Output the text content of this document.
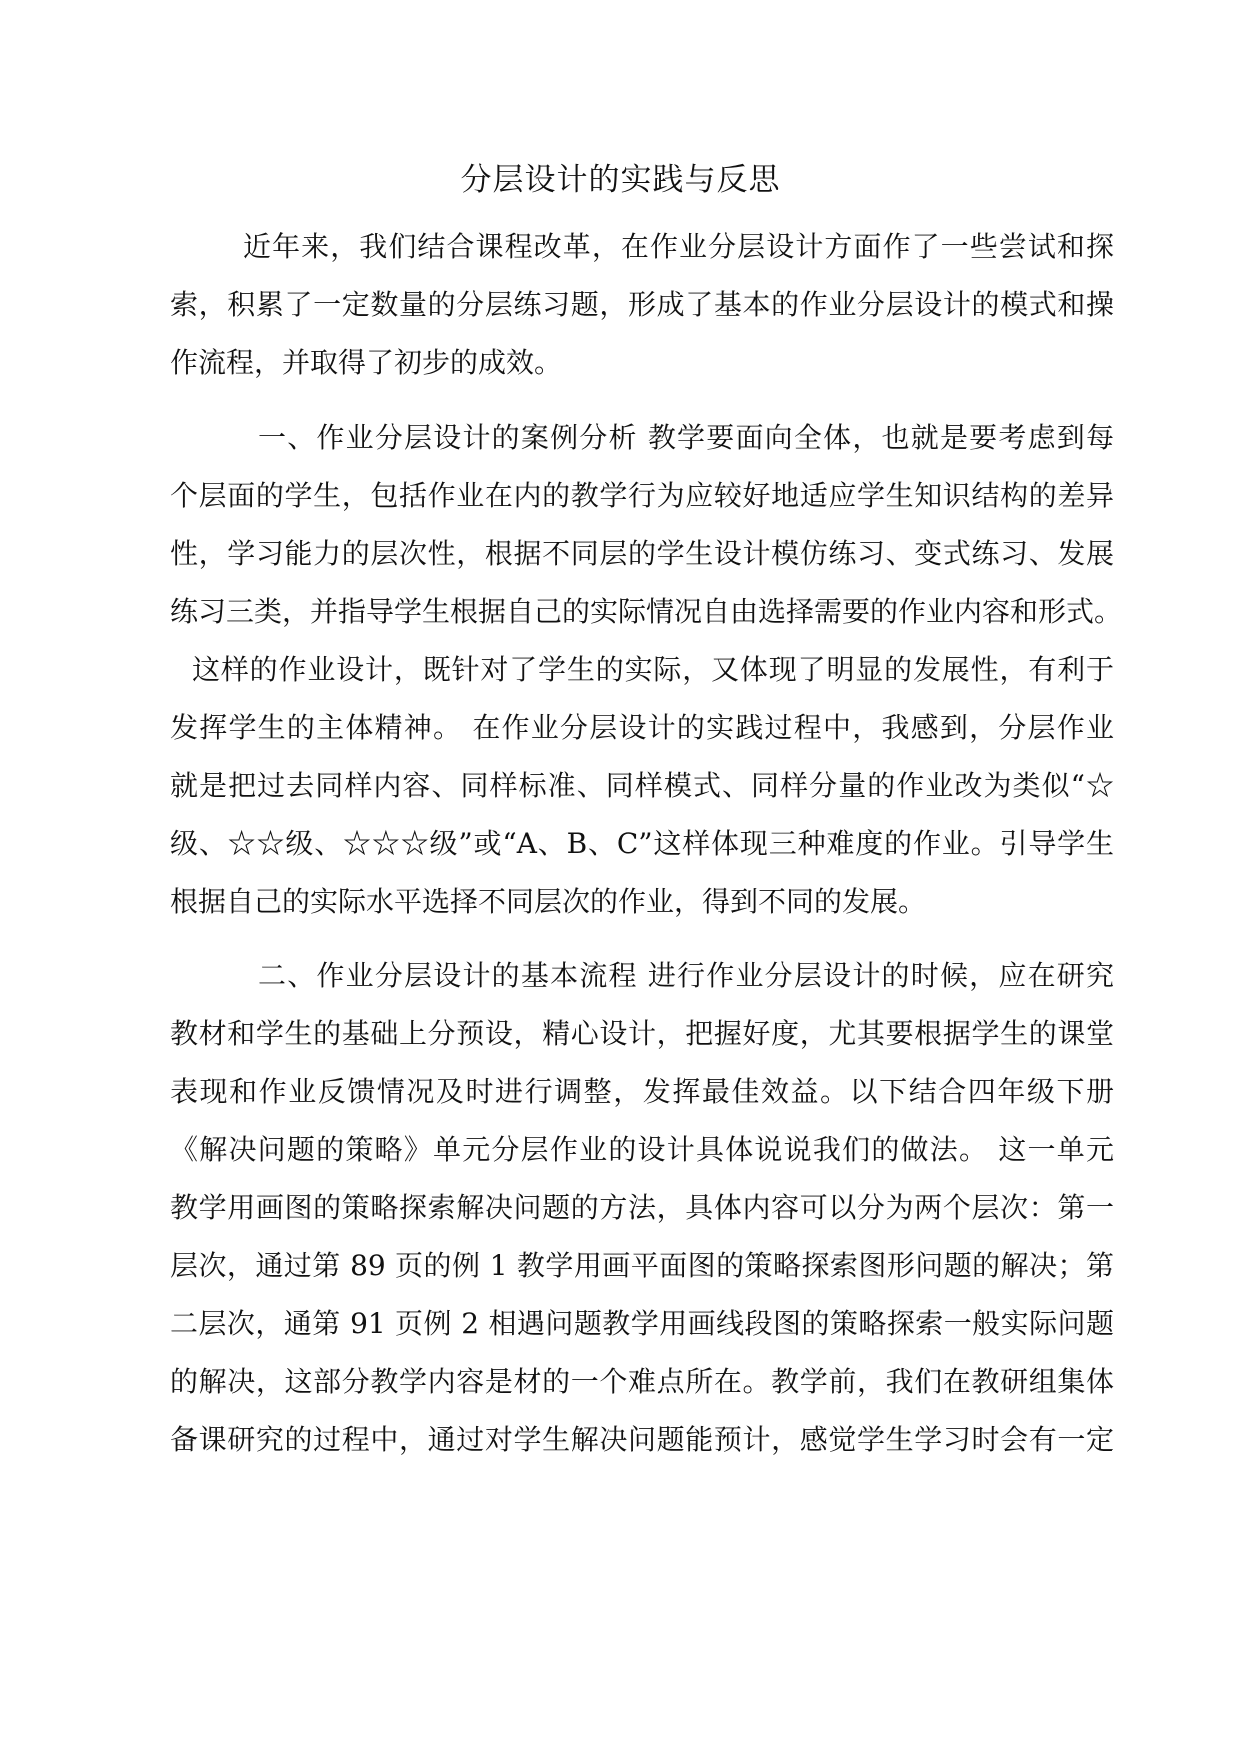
分层设计的实践与反思
近年来，我们结合课程改革，在作业分层设计方面作了一些尝试和探
索，积累了一定数量的分层练习题，形成了基本的作业分层设计的模式和操
作流程，并取得了初步的成效。
一、作业分层设计的案例分析 教学要面向全体，也就是要考虑到每
个层面的学生，包括作业在内的教学行为应较好地适应学生知识结构的差异
性，学习能力的层次性，根据不同层的学生设计模仿练习、变式练习、发展
练习三类，并指导学生根据自己的实际情况自由选择需要的作业内容和形式。
这样的作业设计，既针对了学生的实际，又体现了明显的发展性，有利于
发挥学生的主体精神。 在作业分层设计的实践过程中，我感到，分层作业
就是把过去同样内容、同样标准、同样模式、同样分量的作业改为类似“☆
级、☆☆级、☆☆☆级”或“A、B、C”这样体现三种难度的作业。引导学生
根据自己的实际水平选择不同层次的作业，得到不同的发展。
二、作业分层设计的基本流程 进行作业分层设计的时候，应在研究
教材和学生的基础上分预设，精心设计，把握好度，尤其要根据学生的课堂
表现和作业反馈情况及时进行调整，发挥最佳效益。以下结合四年级下册
《解决问题的策略》单元分层作业的设计具体说说我们的做法。 这一单元
教学用画图的策略探索解决问题的方法，具体内容可以分为两个层次：第一
层次，通过第 89 页的例 1 教学用画平面图的策略探索图形问题的解决；第
二层次，通第 91 页例 2 相遇问题教学用画线段图的策略探索一般实际问题
的解决，这部分教学内容是材的一个难点所在。教学前，我们在教研组集体
备课研究的过程中，通过对学生解决问题能预计，感觉学生学习时会有一定
